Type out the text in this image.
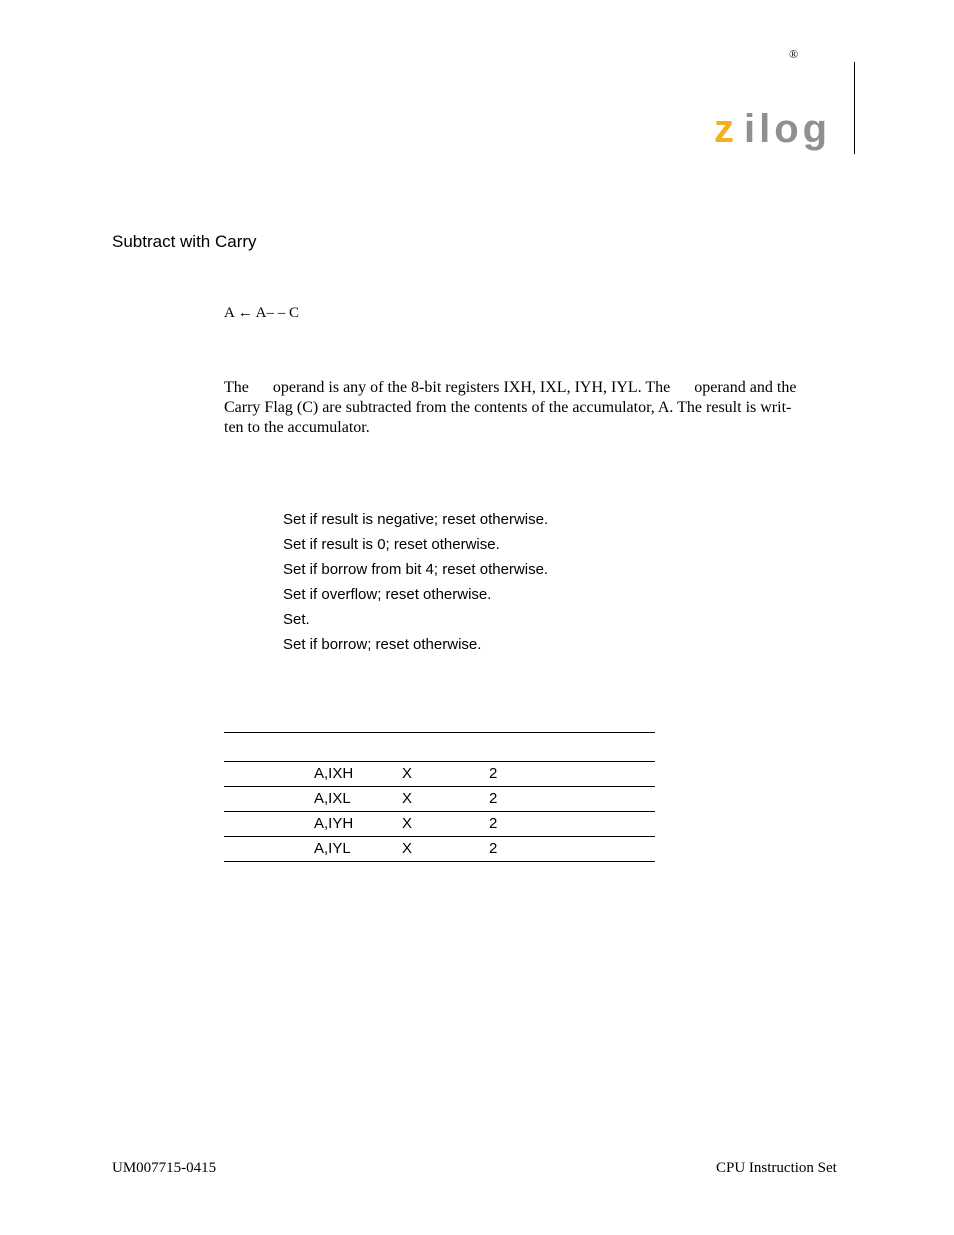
®
z ilog
Subtract with Carry
A ← A– – C
The      operand is any of the 8-bit registers IXH, IXL, IYH, IYL. The      operand and the
Carry Flag (C) are subtracted from the contents of the accumulator, A. The result is writ-
ten to the accumulator.
Set if result is negative; reset otherwise.
Set if result is 0; reset otherwise.
Set if borrow from bit 4; reset otherwise.
Set if overflow; reset otherwise.
Set.
Set if borrow; reset otherwise.
A,IXH	X	2
A,IXL	X	2
A,IYH	X	2
A,IYL	X	2
UM007715-0415	CPU Instruction Set
